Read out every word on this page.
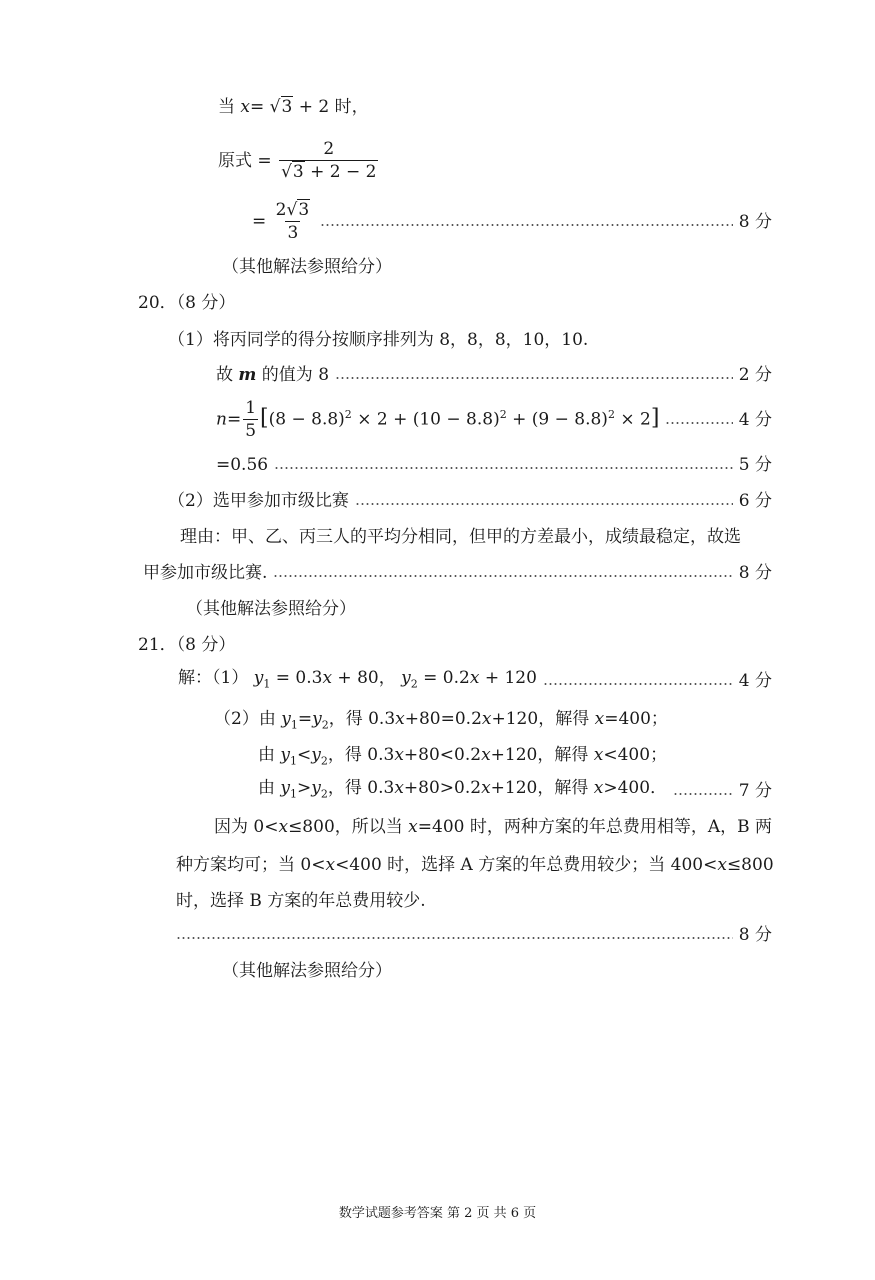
当 x= √3 + 2 时，
原式 = $\frac{2}{√3 + 2 - 2}$
= $\frac{2√3}{3}$	8 分
（其他解法参照给分）
20．（8 分）
（1）将丙同学的得分按顺序排列为 8，8，8，10，10.
故 m 的值为 8	2 分
$n= \frac{1}{5} [(8 - 8.8)^2 \times 2 + (10 - 8.8)^2 + (9 - 8.8)^2 \times 2]$	4 分
=0.56	5 分
（2）选甲参加市级比赛	6 分
理由：甲、乙、丙三人的平均分相同，但甲的方差最小，成绩最稳定，故选
甲参加市级比赛.	8 分
（其他解法参照给分）
21．（8 分）
解：（1） $y_1 = 0.3x + 80$， $y_2 = 0.2x + 120$	4 分
（2）由 $y_1=y_2$，得 0.3x+80=0.2x+120，解得 x=400；
由 $y_1<y_2$，得 0.3x+80<0.2x+120，解得 x<400；
由 $y_1>y_2$，得 0.3x+80>0.2x+120，解得 x>400．	7 分
因为 0<x≤800，所以当 x=400 时，两种方案的年总费用相等，A，B 两
种方案均可；当 0<x<400 时，选择 A 方案的年总费用较少；当 400<x≤800
时，选择 B 方案的年总费用较少.
8 分
（其他解法参照给分）
数学试题参考答案 第 2 页 共 6 页
